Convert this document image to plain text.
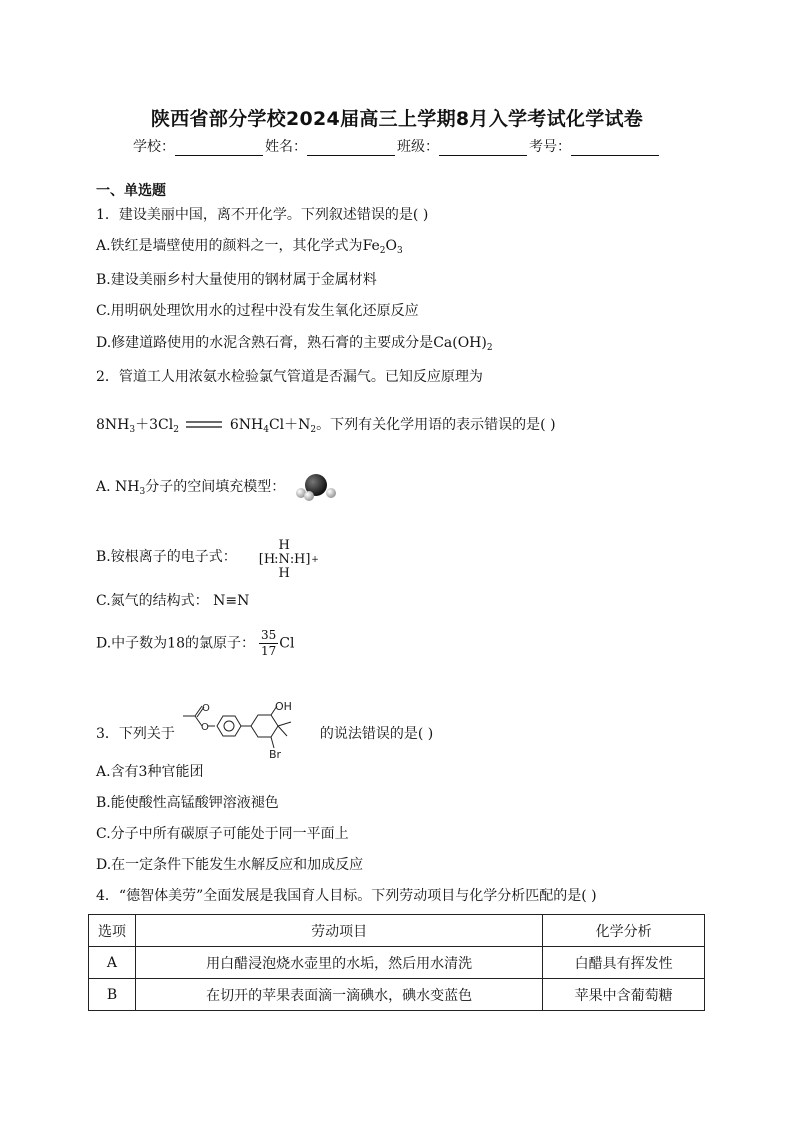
陕西省部分学校2024届高三上学期8月入学考试化学试卷
学校：	姓名：	班级：	考号：
一、单选题
1．建设美丽中国，离不开化学。下列叙述错误的是( )
A.铁红是墙壁使用的颜料之一，其化学式为$Fe_2O_3$
B.建设美丽乡村大量使用的钢材属于金属材料
C.用明矾处理饮用水的过程中没有发生氧化还原反应
D.修建道路使用的水泥含熟石膏，熟石膏的主要成分是$Ca(OH)_2$
2．管道工人用浓氨水检验氯气管道是否漏气。已知反应原理为
$8NH_3+3Cl_2$	$6NH_4Cl+N_2$。下列有关化学用语的表示错误的是( )
A. $NH_3$分子的空间填充模型：
B.铵根离子的电子式：
H
[H
: N : H] +
H
C.氮气的结构式： N≡N
D.中子数为18的氯原子： $\frac{35}{17}$ Cl
3．下列关于
O
O
OH
Br
的说法错误的是( )
A.含有3种官能团
B.能使酸性高锰酸钾溶液褪色
C.分子中所有碳原子可能处于同一平面上
D.在一定条件下能发生水解反应和加成反应
4．“德智体美劳”全面发展是我国育人目标。下列劳动项目与化学分析匹配的是( )
选项	劳动项目	化学分析
A	用白醋浸泡烧水壶里的水垢，然后用水清洗	白醋具有挥发性
B	在切开的苹果表面滴一滴碘水，碘水变蓝色	苹果中含葡萄糖
